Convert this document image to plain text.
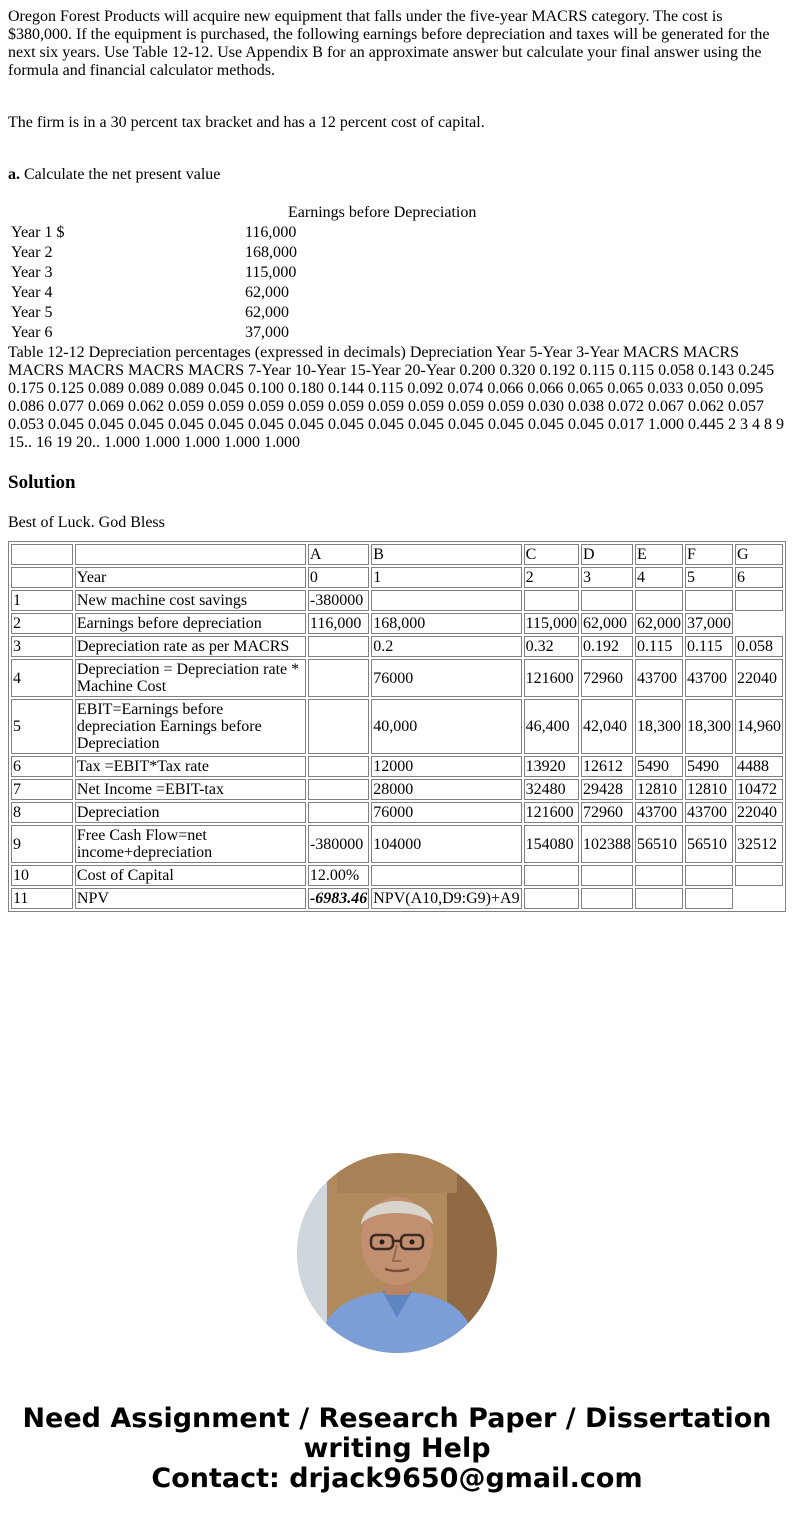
Oregon Forest Products will acquire new equipment that falls under the five-year MACRS category. The cost is $380,000. If the equipment is purchased, the following earnings before depreciation and taxes will be generated for the next six years. Use Table 12-12. Use Appendix B for an approximate answer but calculate your final answer using the formula and financial calculator methods.

The firm is in a 30 percent tax bracket and has a 12 percent cost of capital.

a. Calculate the net present value

	Earnings before Depreciation
Year 1 $	116,000
Year 2	168,000
Year 3	115,000
Year 4	62,000
Year 5	62,000
Year 6	37,000

Table 12-12 Depreciation percentages (expressed in decimals) Depreciation Year 5-Year 3-Year MACRS MACRS MACRS MACRS MACRS MACRS 7-Year 10-Year 15-Year 20-Year 0.200 0.320 0.192 0.115 0.115 0.058 0.143 0.245 0.175 0.125 0.089 0.089 0.089 0.045 0.100 0.180 0.144 0.115 0.092 0.074 0.066 0.066 0.065 0.065 0.033 0.050 0.095 0.086 0.077 0.069 0.062 0.059 0.059 0.059 0.059 0.059 0.059 0.059 0.059 0.059 0.030 0.038 0.072 0.067 0.062 0.057 0.053 0.045 0.045 0.045 0.045 0.045 0.045 0.045 0.045 0.045 0.045 0.045 0.045 0.045 0.045 0.017 1.000 0.445 2 3 4 8 9 15.. 16 19 20.. 1.000 1.000 1.000 1.000 1.000

Solution

Best of Luck. God Bless

		A	B	C	D	E	F	G
	Year	0	1	2	3	4	5	6
1	New machine cost savings	-380000						
2	Earnings before depreciation	116,000	168,000	115,000	62,000	62,000	37,000	
3	Depreciation rate as per MACRS		0.2	0.32	0.192	0.115	0.115	0.058
4	Depreciation = Depreciation rate * Machine Cost		76000	121600	72960	43700	43700	22040
5	EBIT=Earnings before depreciation Earnings before Depreciation		40,000	46,400	42,040	18,300	18,300	14,960
6	Tax =EBIT*Tax rate		12000	13920	12612	5490	5490	4488
7	Net Income =EBIT-tax		28000	32480	29428	12810	12810	10472
8	Depreciation		76000	121600	72960	43700	43700	22040
9	Free Cash Flow=net income+depreciation	-380000	104000	154080	102388	56510	56510	32512
10	Cost of Capital	12.00%						
11	NPV	-6983.46	NPV(A10,D9:G9)+A9					
Need Assignment / Research Paper / Dissertation
writing Help
Contact: drjack9650@gmail.com
